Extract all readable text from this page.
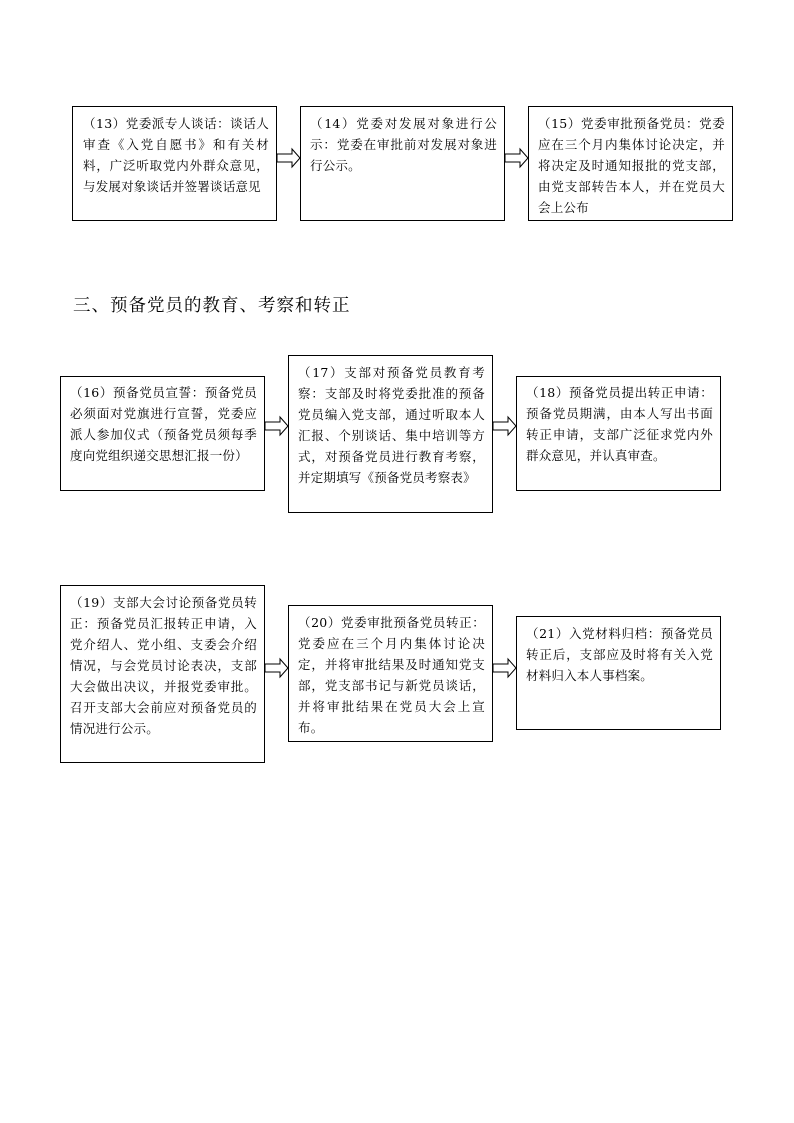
三、预备党员的教育、考察和转正
（13）党委派专人谈话：谈话人审查《入党自愿书》和有关材料，广泛听取党内外群众意见，与发展对象谈话并签署谈话意见
（14）党委对发展对象进行公示：党委在审批前对发展对象进行公示。
（15）党委审批预备党员：党委应在三个月内集体讨论决定，并将决定及时通知报批的党支部，由党支部转告本人，并在党员大会上公布
（16）预备党员宣誓：预备党员必须面对党旗进行宣誓，党委应派人参加仪式（预备党员须每季度向党组织递交思想汇报一份）
（17）支部对预备党员教育考察：支部及时将党委批准的预备党员编入党支部，通过听取本人汇报、个别谈话、集中培训等方式，对预备党员进行教育考察，并定期填写《预备党员考察表》
（18）预备党员提出转正申请：预备党员期满，由本人写出书面转正申请，支部广泛征求党内外群众意见，并认真审查。
（19）支部大会讨论预备党员转正：预备党员汇报转正申请，入党介绍人、党小组、支委会介绍情况，与会党员讨论表决，支部大会做出决议，并报党委审批。召开支部大会前应对预备党员的情况进行公示。
（20）党委审批预备党员转正：党委应在三个月内集体讨论决定，并将审批结果及时通知党支部，党支部书记与新党员谈话，并将审批结果在党员大会上宣布。
（21）入党材料归档：预备党员转正后，支部应及时将有关入党材料归入本人事档案。
